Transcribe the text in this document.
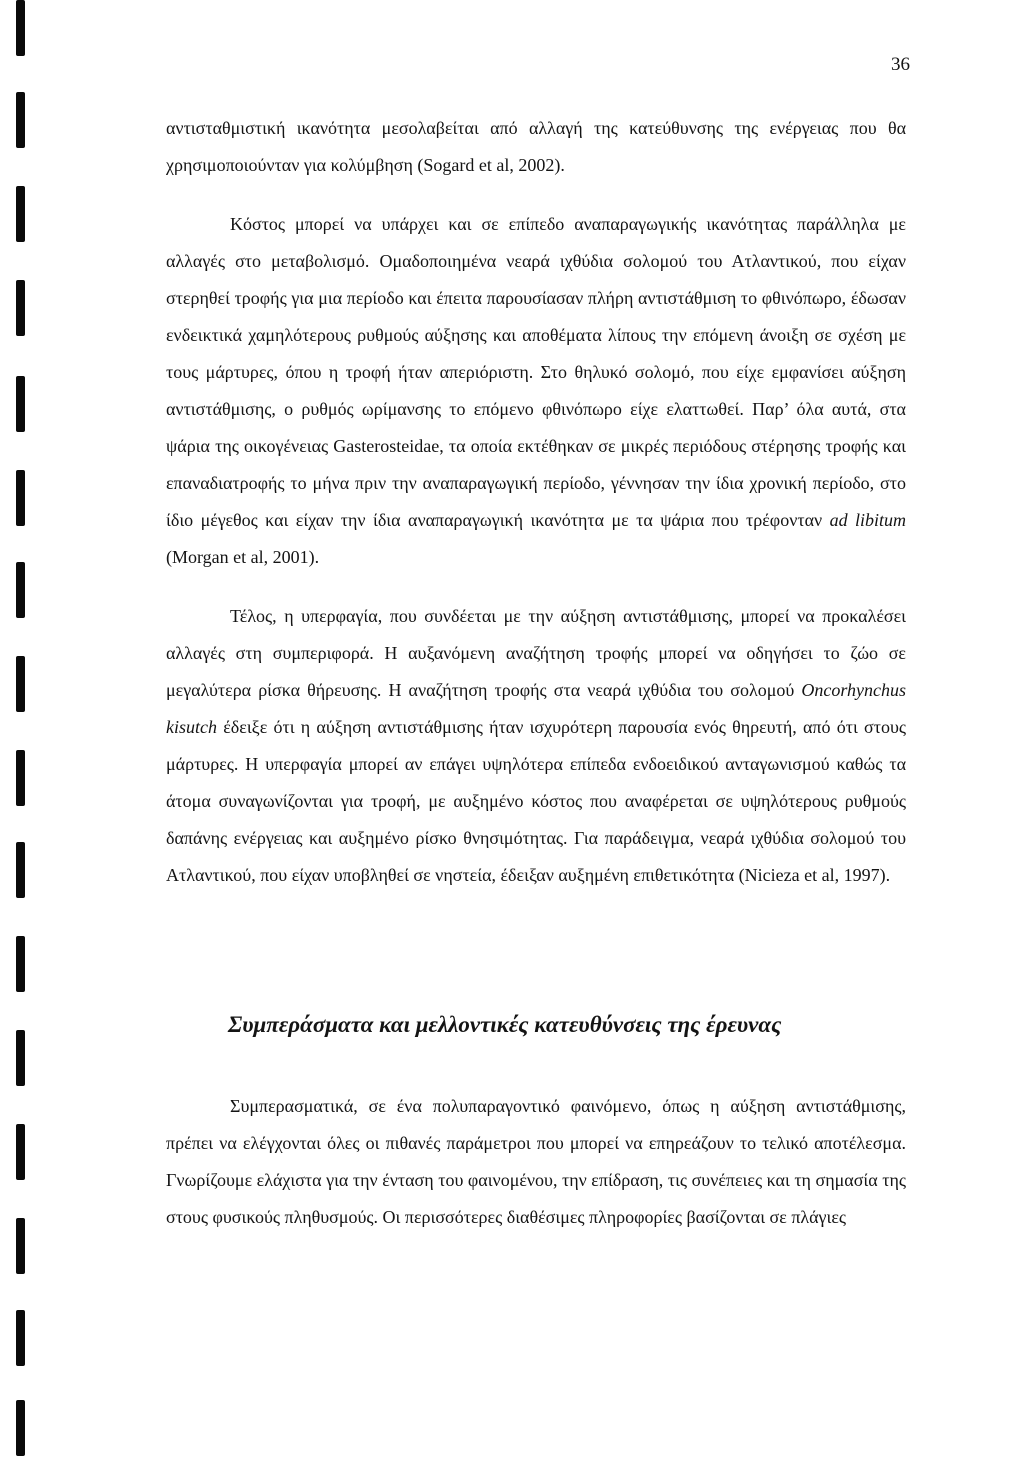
36

αντισταθμιστική ικανότητα μεσολαβείται από αλλαγή της κατεύθυνσης της ενέργειας που θα χρησιμοποιούνταν για κολύμβηση (Sogard et al, 2002).

Κόστος μπορεί να υπάρχει και σε επίπεδο αναπαραγωγικής ικανότητας παράλληλα με αλλαγές στο μεταβολισμό. Ομαδοποιημένα νεαρά ιχθύδια σολομού του Ατλαντικού, που είχαν στερηθεί τροφής για μια περίοδο και έπειτα παρουσίασαν πλήρη αντιστάθμιση το φθινόπωρο, έδωσαν ενδεικτικά χαμηλότερους ρυθμούς αύξησης και αποθέματα λίπους την επόμενη άνοιξη σε σχέση με τους μάρτυρες, όπου η τροφή ήταν απεριόριστη. Στο θηλυκό σολομό, που είχε εμφανίσει αύξηση αντιστάθμισης, ο ρυθμός ωρίμανσης το επόμενο φθινόπωρο είχε ελαττωθεί. Παρ’ όλα αυτά, στα ψάρια της οικογένειας Gasterosteidae, τα οποία εκτέθηκαν σε μικρές περιόδους στέρησης τροφής και επαναδιατροφής το μήνα πριν την αναπαραγωγική περίοδο, γέννησαν την ίδια χρονική περίοδο, στο ίδιο μέγεθος και είχαν την ίδια αναπαραγωγική ικανότητα με τα ψάρια που τρέφονταν ad libitum (Morgan et al, 2001).

Τέλος, η υπερφαγία, που συνδέεται με την αύξηση αντιστάθμισης, μπορεί να προκαλέσει αλλαγές στη συμπεριφορά. Η αυξανόμενη αναζήτηση τροφής μπορεί να οδηγήσει το ζώο σε μεγαλύτερα ρίσκα θήρευσης. Η αναζήτηση τροφής στα νεαρά ιχθύδια του σολομού Oncorhynchus kisutch έδειξε ότι η αύξηση αντιστάθμισης ήταν ισχυρότερη παρουσία ενός θηρευτή, από ότι στους μάρτυρες. Η υπερφαγία μπορεί αν επάγει υψηλότερα επίπεδα ενδοειδικού ανταγωνισμού καθώς τα άτομα συναγωνίζονται για τροφή, με αυξημένο κόστος που αναφέρεται σε υψηλότερους ρυθμούς δαπάνης ενέργειας και αυξημένο ρίσκο θνησιμότητας. Για παράδειγμα, νεαρά ιχθύδια σολομού του Ατλαντικού, που είχαν υποβληθεί σε νηστεία, έδειξαν αυξημένη επιθετικότητα (Nicieza et al, 1997).

Συμπεράσματα και μελλοντικές κατευθύνσεις της έρευνας

Συμπερασματικά, σε ένα πολυπαραγοντικό φαινόμενο, όπως η αύξηση αντιστάθμισης, πρέπει να ελέγχονται όλες οι πιθανές παράμετροι που μπορεί να επηρεάζουν το τελικό αποτέλεσμα. Γνωρίζουμε ελάχιστα για την ένταση του φαινομένου, την επίδραση, τις συνέπειες και τη σημασία της στους φυσικούς πληθυσμούς. Οι περισσότερες διαθέσιμες πληροφορίες βασίζονται σε πλάγιες
